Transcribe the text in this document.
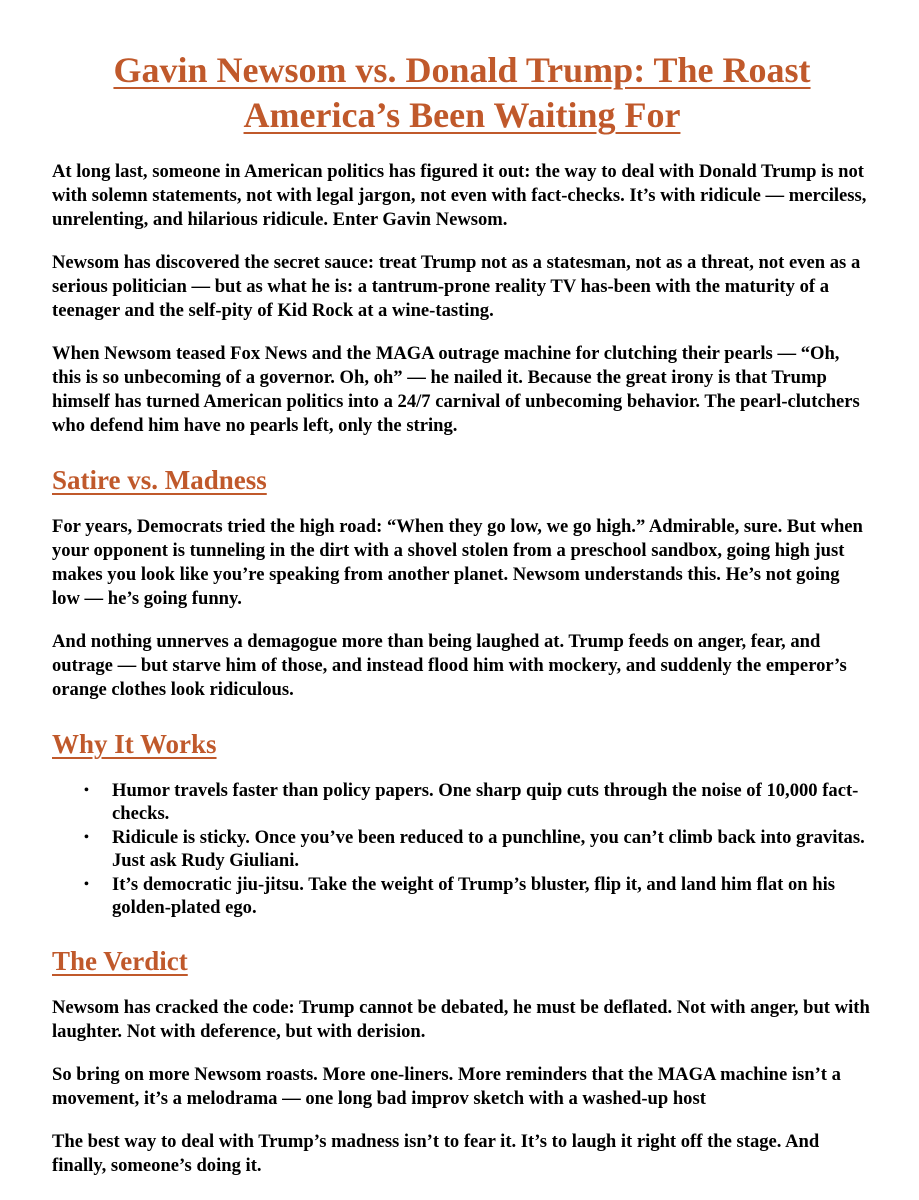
Gavin Newsom vs. Donald Trump: The Roast America’s Been Waiting For

At long last, someone in American politics has figured it out: the way to deal with Donald Trump is not with solemn statements, not with legal jargon, not even with fact-checks. It’s with ridicule — merciless, unrelenting, and hilarious ridicule. Enter Gavin Newsom.

Newsom has discovered the secret sauce: treat Trump not as a statesman, not as a threat, not even as a serious politician — but as what he is: a tantrum-prone reality TV has-been with the maturity of a teenager and the self-pity of Kid Rock at a wine-tasting.

When Newsom teased Fox News and the MAGA outrage machine for clutching their pearls — “Oh, this is so unbecoming of a governor. Oh, oh” — he nailed it. Because the great irony is that Trump himself has turned American politics into a 24/7 carnival of unbecoming behavior. The pearl-clutchers who defend him have no pearls left, only the string.

Satire vs. Madness

For years, Democrats tried the high road: “When they go low, we go high.” Admirable, sure. But when your opponent is tunneling in the dirt with a shovel stolen from a preschool sandbox, going high just makes you look like you’re speaking from another planet. Newsom understands this. He’s not going low — he’s going funny.

And nothing unnerves a demagogue more than being laughed at. Trump feeds on anger, fear, and outrage — but starve him of those, and instead flood him with mockery, and suddenly the emperor’s orange clothes look ridiculous.

Why It Works
• Humor travels faster than policy papers. One sharp quip cuts through the noise of 10,000 fact-checks.
• Ridicule is sticky. Once you’ve been reduced to a punchline, you can’t climb back into gravitas. Just ask Rudy Giuliani.
• It’s democratic jiu-jitsu. Take the weight of Trump’s bluster, flip it, and land him flat on his golden-plated ego.
The Verdict

Newsom has cracked the code: Trump cannot be debated, he must be deflated. Not with anger, but with laughter. Not with deference, but with derision.

So bring on more Newsom roasts. More one-liners. More reminders that the MAGA machine isn’t a movement, it’s a melodrama — one long bad improv sketch with a washed-up host

The best way to deal with Trump’s madness isn’t to fear it. It’s to laugh it right off the stage. And finally, someone’s doing it.
